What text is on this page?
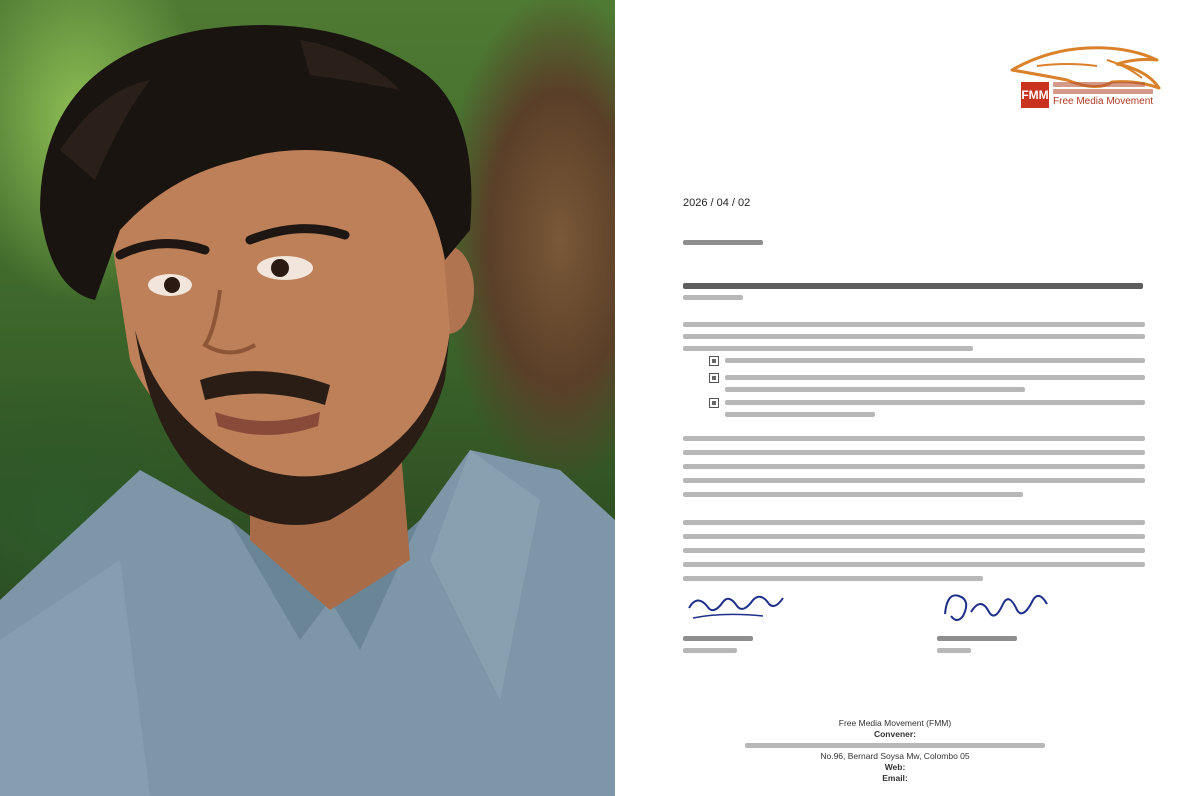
FMM Free Media Movement
2026 / 04 / 02
Free Media Movement (FMM)
Convener:
No.96, Bernard Soysa Mw, Colombo 05
Web:
Email:
